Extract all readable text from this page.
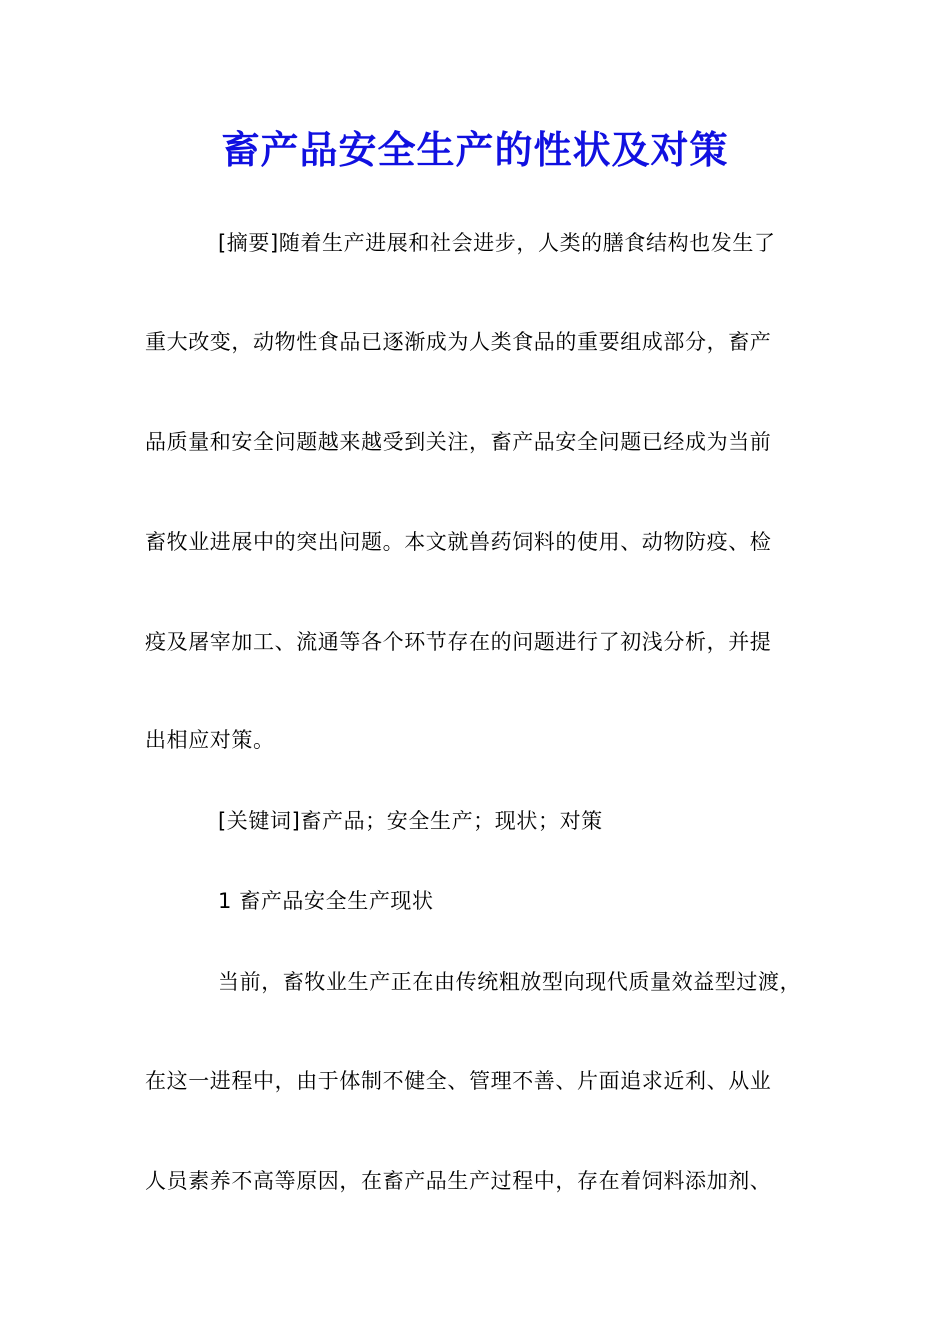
畜产品安全生产的性状及对策
[摘要]随着生产进展和社会进步，人类的膳食结构也发生了
重大改变，动物性食品已逐渐成为人类食品的重要组成部分，畜产
品质量和安全问题越来越受到关注，畜产品安全问题已经成为当前
畜牧业进展中的突出问题。本文就兽药饲料的使用、动物防疫、检
疫及屠宰加工、流通等各个环节存在的问题进行了初浅分析，并提
出相应对策。
[关键词]畜产品；安全生产；现状；对策
1 畜产品安全生产现状
当前，畜牧业生产正在由传统粗放型向现代质量效益型过渡，
在这一进程中，由于体制不健全、管理不善、片面追求近利、从业
人员素养不高等原因，在畜产品生产过程中，存在着饲料添加剂、
